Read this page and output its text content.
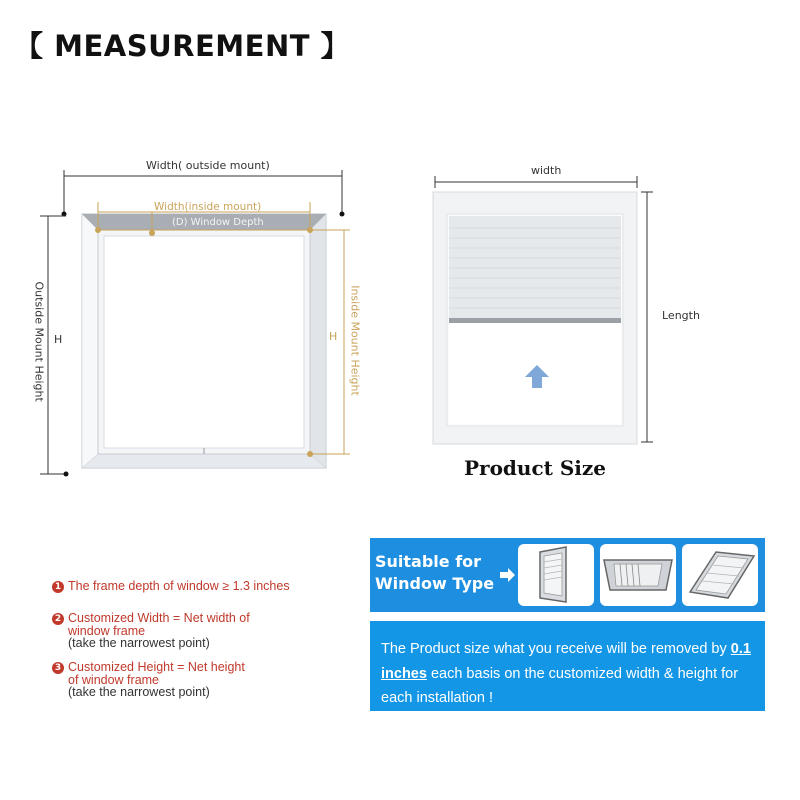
【 MEASUREMENT 】
Width( outside mount)
Width(inside mount)
(D) Window Depth
Outside Mount Height H	H Inside Mount Height
width
Length
Product Size
1 The frame depth of window ≥ 1.3 inches
2 Customized Width = Net width of
window frame
(take the narrowest point)
3 Customized Height = Net height
of window frame
(take the narrowest point)
Suitable for
Window Type
The Product size what you receive will be removed by 0.1 inches each basis on the customized width & height for each installation !
